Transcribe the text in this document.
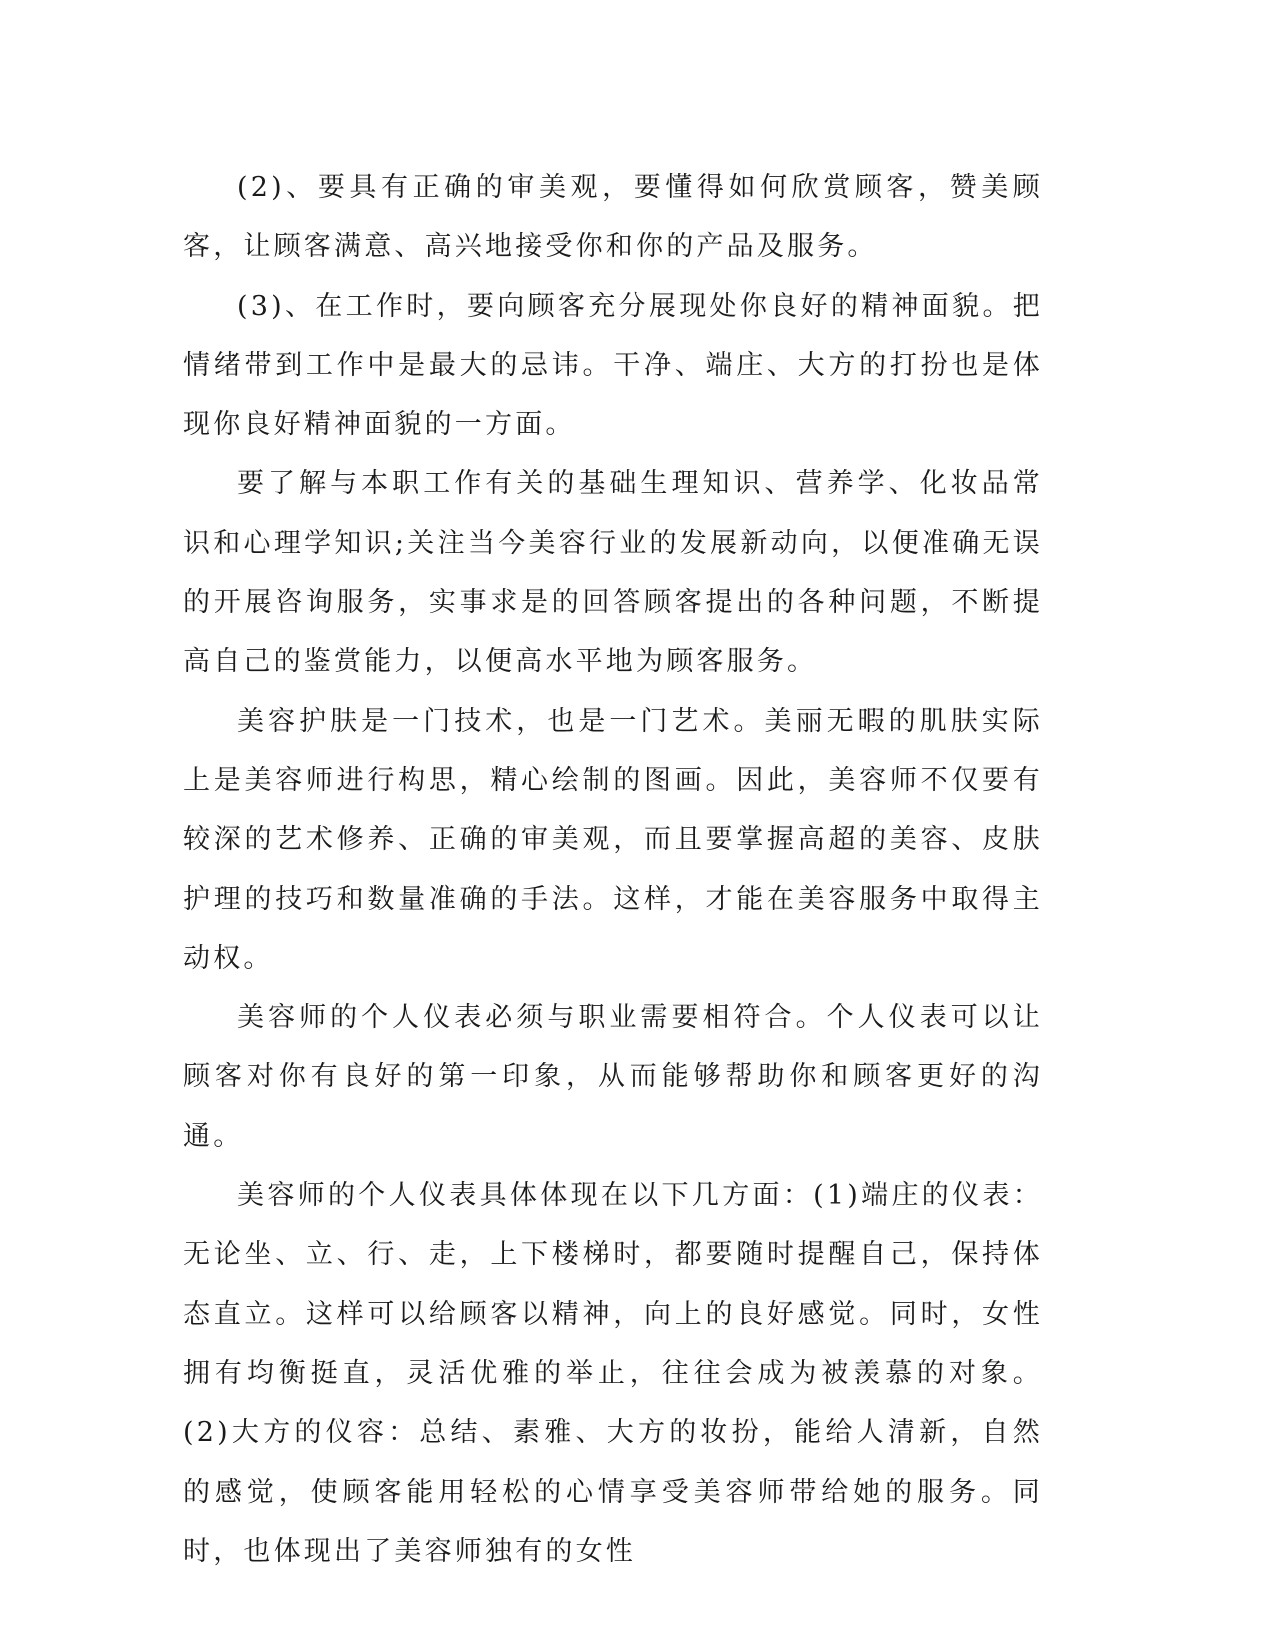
(2)、要具有正确的审美观，要懂得如何欣赏顾客，赞美顾客，让顾客满意、高兴地接受你和你的产品及服务。

(3)、在工作时，要向顾客充分展现处你良好的精神面貌。把情绪带到工作中是最大的忌讳。干净、端庄、大方的打扮也是体现你良好精神面貌的一方面。

要了解与本职工作有关的基础生理知识、营养学、化妆品常识和心理学知识;关注当今美容行业的发展新动向，以便准确无误的开展咨询服务，实事求是的回答顾客提出的各种问题，不断提高自己的鉴赏能力，以便高水平地为顾客服务。

美容护肤是一门技术，也是一门艺术。美丽无暇的肌肤实际上是美容师进行构思，精心绘制的图画。因此，美容师不仅要有较深的艺术修养、正确的审美观，而且要掌握高超的美容、皮肤护理的技巧和数量准确的手法。这样，才能在美容服务中取得主动权。

美容师的个人仪表必须与职业需要相符合。个人仪表可以让顾客对你有良好的第一印象，从而能够帮助你和顾客更好的沟通。

美容师的个人仪表具体体现在以下几方面：(1)端庄的仪表：无论坐、立、行、走，上下楼梯时，都要随时提醒自己，保持体态直立。这样可以给顾客以精神，向上的良好感觉。同时，女性拥有均衡挺直，灵活优雅的举止，往往会成为被羡慕的对象。(2)大方的仪容：总结、素雅、大方的妆扮，能给人清新，自然的感觉，使顾客能用轻松的心情享受美容师带给她的服务。同时，也体现出了美容师独有的女性
